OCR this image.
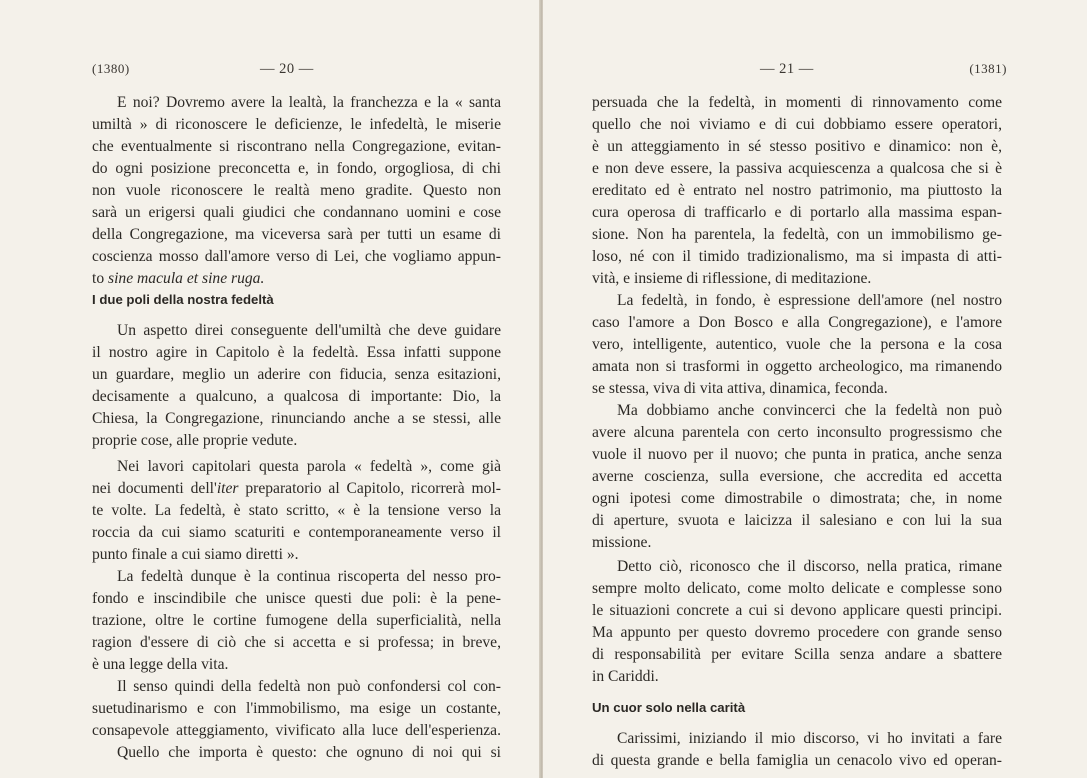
(1380)	— 20 —
E noi? Dovremo avere la lealtà, la franchezza e la « santa
umiltà » di riconoscere le deficienze, le infedeltà, le miserie
che eventualmente si riscontrano nella Congregazione, evitan-
do ogni posizione preconcetta e, in fondo, orgogliosa, di chi
non vuole riconoscere le realtà meno gradite. Questo non
sarà un erigersi quali giudici che condannano uomini e cose
della Congregazione, ma viceversa sarà per tutti un esame di
coscienza mosso dall'amore verso di Lei, che vogliamo appun-
to sine macula et sine ruga.
I due poli della nostra fedeltà
Un aspetto direi conseguente dell'umiltà che deve guidare
il nostro agire in Capitolo è la fedeltà. Essa infatti suppone
un guardare, meglio un aderire con fiducia, senza esitazioni,
decisamente a qualcuno, a qualcosa di importante: Dio, la
Chiesa, la Congregazione, rinunciando anche a se stessi, alle
proprie cose, alle proprie vedute.
Nei lavori capitolari questa parola « fedeltà », come già
nei documenti dell'iter preparatorio al Capitolo, ricorrerà mol-
te volte. La fedeltà, è stato scritto, « è la tensione verso la
roccia da cui siamo scaturiti e contemporaneamente verso il
punto finale a cui siamo diretti ».
La fedeltà dunque è la continua riscoperta del nesso pro-
fondo e inscindibile che unisce questi due poli: è la pene-
trazione, oltre le cortine fumogene della superficialità, nella
ragion d'essere di ciò che si accetta e si professa; in breve,
è una legge della vita.
Il senso quindi della fedeltà non può confondersi col con-
suetudinarismo e con l'immobilismo, ma esige un costante,
consapevole atteggiamento, vivificato alla luce dell'esperienza.
Quello che importa è questo: che ognuno di noi qui si
— 21 —	(1381)
persuada che la fedeltà, in momenti di rinnovamento come
quello che noi viviamo e di cui dobbiamo essere operatori,
è un atteggiamento in sé stesso positivo e dinamico: non è,
e non deve essere, la passiva acquiescenza a qualcosa che si è
ereditato ed è entrato nel nostro patrimonio, ma piuttosto la
cura operosa di trafficarlo e di portarlo alla massima espan-
sione. Non ha parentela, la fedeltà, con un immobilismo ge-
loso, né con il timido tradizionalismo, ma si impasta di atti-
vità, e insieme di riflessione, di meditazione.
La fedeltà, in fondo, è espressione dell'amore (nel nostro
caso l'amore a Don Bosco e alla Congregazione), e l'amore
vero, intelligente, autentico, vuole che la persona e la cosa
amata non si trasformi in oggetto archeologico, ma rimanendo
se stessa, viva di vita attiva, dinamica, feconda.
Ma dobbiamo anche convincerci che la fedeltà non può
avere alcuna parentela con certo inconsulto progressismo che
vuole il nuovo per il nuovo; che punta in pratica, anche senza
averne coscienza, sulla eversione, che accredita ed accetta
ogni ipotesi come dimostrabile o dimostrata; che, in nome
di aperture, svuota e laicizza il salesiano e con lui la sua
missione.
Detto ciò, riconosco che il discorso, nella pratica, rimane
sempre molto delicato, come molto delicate e complesse sono
le situazioni concrete a cui si devono applicare questi principi.
Ma appunto per questo dovremo procedere con grande senso
di responsabilità per evitare Scilla senza andare a sbattere
in Cariddi.
Un cuor solo nella carità
Carissimi, iniziando il mio discorso, vi ho invitati a fare
di questa grande e bella famiglia un cenacolo vivo ed operan-
